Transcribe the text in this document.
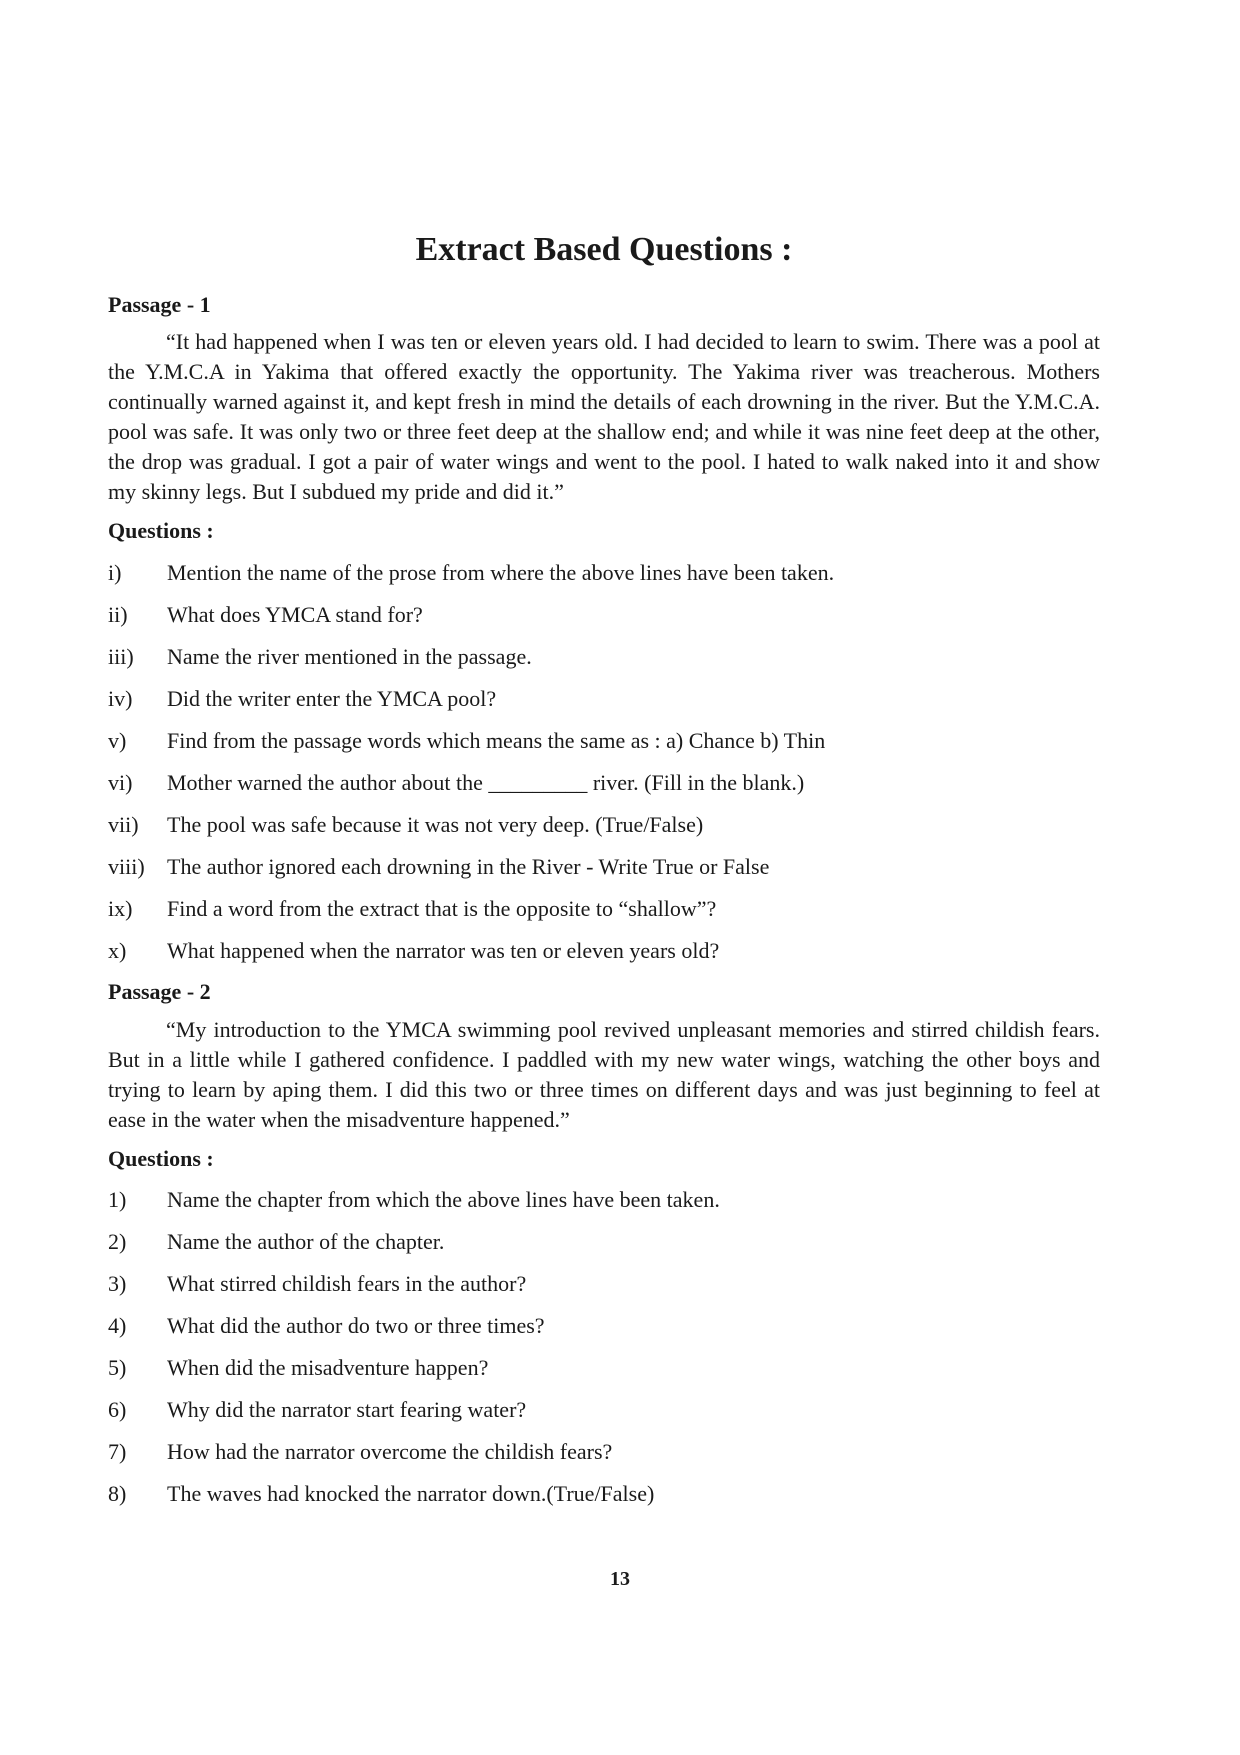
Extract Based Questions :
Passage - 1

“It had happened when I was ten or eleven years old. I had decided to learn to swim. There was a pool at the Y.M.C.A in Yakima that offered exactly the opportunity. The Yakima river was treacherous. Mothers continually warned against it, and kept fresh in mind the details of each drowning in the river. But the Y.M.C.A. pool was safe. It was only two or three feet deep at the shallow end; and while it was nine feet deep at the other, the drop was gradual. I got a pair of water wings and went to the pool. I hated to walk naked into it and show my skinny legs. But I subdued my pride and did it.”

Questions :
i)	Mention the name of the prose from where the above lines have been taken.
ii)	What does YMCA stand for?
iii)	Name the river mentioned in the passage.
iv)	Did the writer enter the YMCA pool?
v)	Find from the passage words which means the same as : a) Chance b) Thin
vi)	Mother warned the author about the _________ river. (Fill in the blank.)
vii)	The pool was safe because it was not very deep. (True/False)
viii)	The author ignored each drowning in the River - Write True or False
ix)	Find a word from the extract that is the opposite to “shallow”?
x)	What happened when the narrator was ten or eleven years old?
Passage - 2

“My introduction to the YMCA swimming pool revived unpleasant memories and stirred childish fears. But in a little while I gathered confidence. I paddled with my new water wings, watching the other boys and trying to learn by aping them. I did this two or three times on different days and was just beginning to feel at ease in the water when the misadventure happened.”

Questions :
1)	Name the chapter from which the above lines have been taken.
2)	Name the author of the chapter.
3)	What stirred childish fears in the author?
4)	What did the author do two or three times?
5)	When did the misadventure happen?
6)	Why did the narrator start fearing water?
7)	How had the narrator overcome the childish fears?
8)	The waves had knocked the narrator down.(True/False)
13
